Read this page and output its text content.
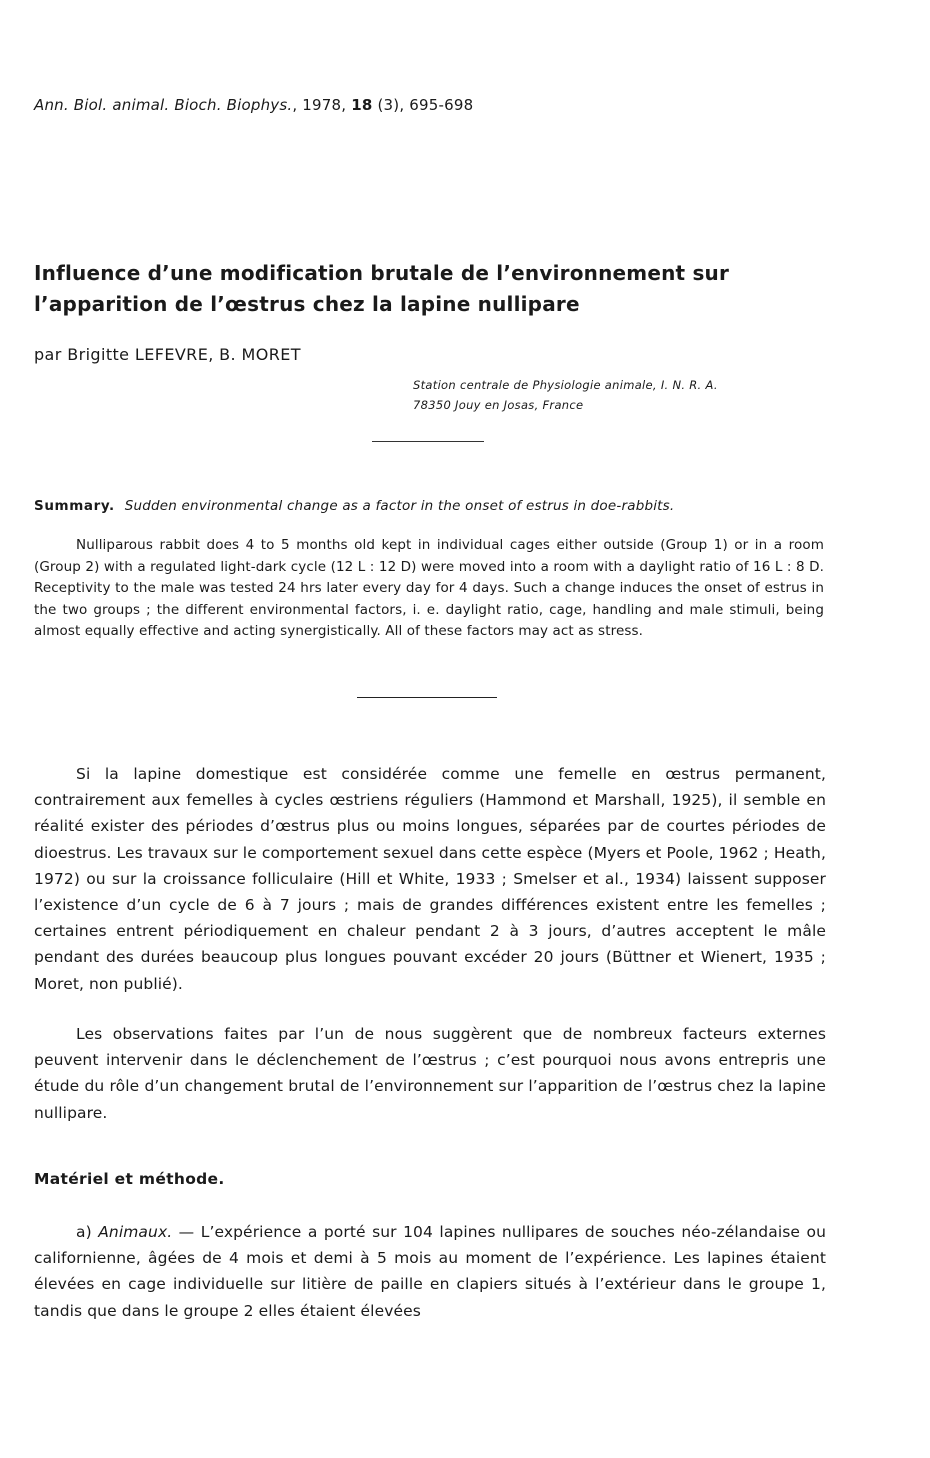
Ann. Biol. animal. Bioch. Biophys., 1978, 18 (3), 695-698
Influence d’une modification brutale de l’environnement sur l’apparition de l’œstrus chez la lapine nullipare
par Brigitte LEFEVRE, B. MORET
Station centrale de Physiologie animale, I. N. R. A.
78350 Jouy en Josas, France
Summary. Sudden environmental change as a factor in the onset of estrus in doe-rabbits.

Nulliparous rabbit does 4 to 5 months old kept in individual cages either outside (Group 1) or in a room (Group 2) with a regulated light-dark cycle (12 L : 12 D) were moved into a room with a daylight ratio of 16 L : 8 D. Receptivity to the male was tested 24 hrs later every day for 4 days. Such a change induces the onset of estrus in the two groups ; the different environmental factors, i. e. daylight ratio, cage, handling and male stimuli, being almost equally effective and acting synergistically. All of these factors may act as stress.

Si la lapine domestique est considérée comme une femelle en œstrus permanent, contrairement aux femelles à cycles œstriens réguliers (Hammond et Marshall, 1925), il semble en réalité exister des périodes d’œstrus plus ou moins longues, séparées par de courtes périodes de dioestrus. Les travaux sur le comportement sexuel dans cette espèce (Myers et Poole, 1962 ; Heath, 1972) ou sur la croissance folliculaire (Hill et White, 1933 ; Smelser et al., 1934) laissent supposer l’existence d’un cycle de 6 à 7 jours ; mais de grandes différences existent entre les femelles ; certaines entrent périodiquement en chaleur pendant 2 à 3 jours, d’autres acceptent le mâle pendant des durées beaucoup plus longues pouvant excéder 20 jours (Büttner et Wienert, 1935 ; Moret, non publié).

Les observations faites par l’un de nous suggèrent que de nombreux facteurs externes peuvent intervenir dans le déclenchement de l’œstrus ; c’est pourquoi nous avons entrepris une étude du rôle d’un changement brutal de l’environnement sur l’apparition de l’œstrus chez la lapine nullipare.

Matériel et méthode.

a) Animaux. — L’expérience a porté sur 104 lapines nullipares de souches néo-zélandaise ou californienne, âgées de 4 mois et demi à 5 mois au moment de l’expérience. Les lapines étaient élevées en cage individuelle sur litière de paille en clapiers situés à l’extérieur dans le groupe 1, tandis que dans le groupe 2 elles étaient élevées
